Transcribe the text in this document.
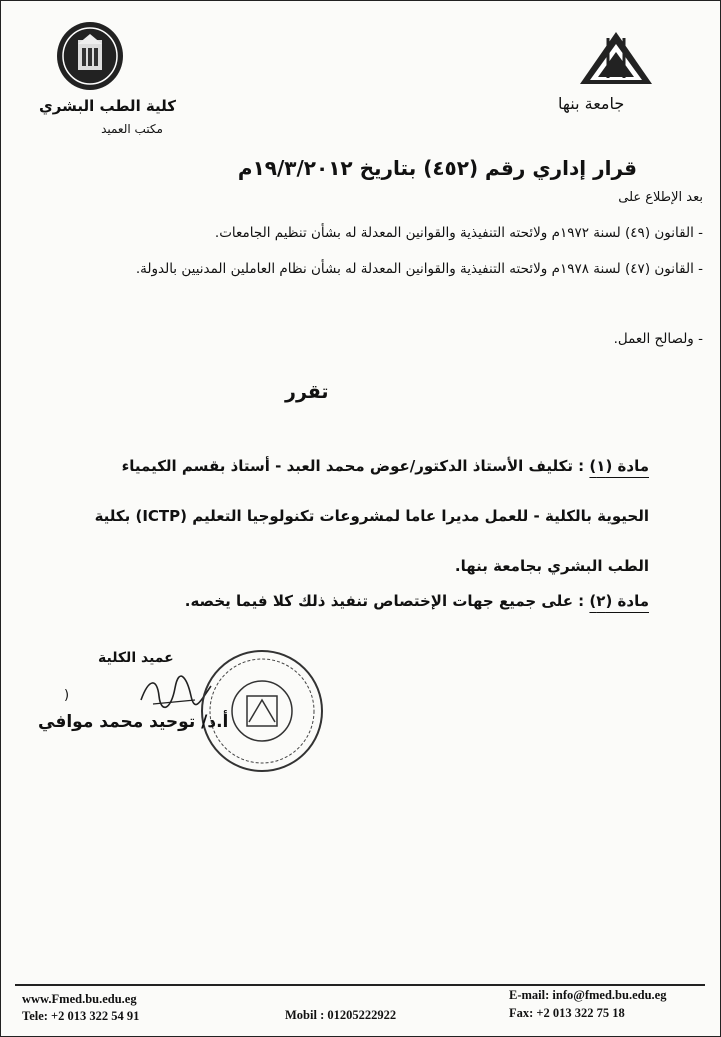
كلية الطب البشري
مكتب العميد
جامعة بنها
قرار إداري رقم (٤٥٢) بتاريخ ١٩/٣/٢٠١٢م
بعد الإطلاع على
- القانون (٤٩) لسنة ١٩٧٢م ولائحته التنفيذية والقوانين المعدلة له بشأن تنظيم الجامعات.
- القانون (٤٧) لسنة ١٩٧٨م ولائحته التنفيذية والقوانين المعدلة له بشأن نظام العاملين المدنيين بالدولة.
- ولصالح العمل.
تقرر
مادة (١) : تكليف الأستاذ الدكتور/عوض محمد العبد - أستاذ بقسم الكيمياء الحيوية بالكلية - للعمل مديرا عاما لمشروعات تكنولوجيا التعليم (ICTP) بكلية الطب البشري بجامعة بنها.
مادة (٢) : على جميع جهات الإختصاص تنفيذ ذلك كلا فيما يخصه.
عميد الكلية
)
أ.د/ توحيد محمد موافي
www.Fmed.bu.edu.eg
Tele: +2 013 322 54 91	Mobil : 01205222922
E-mail: info@fmed.bu.edu.eg
Fax: +2 013 322 75 18
